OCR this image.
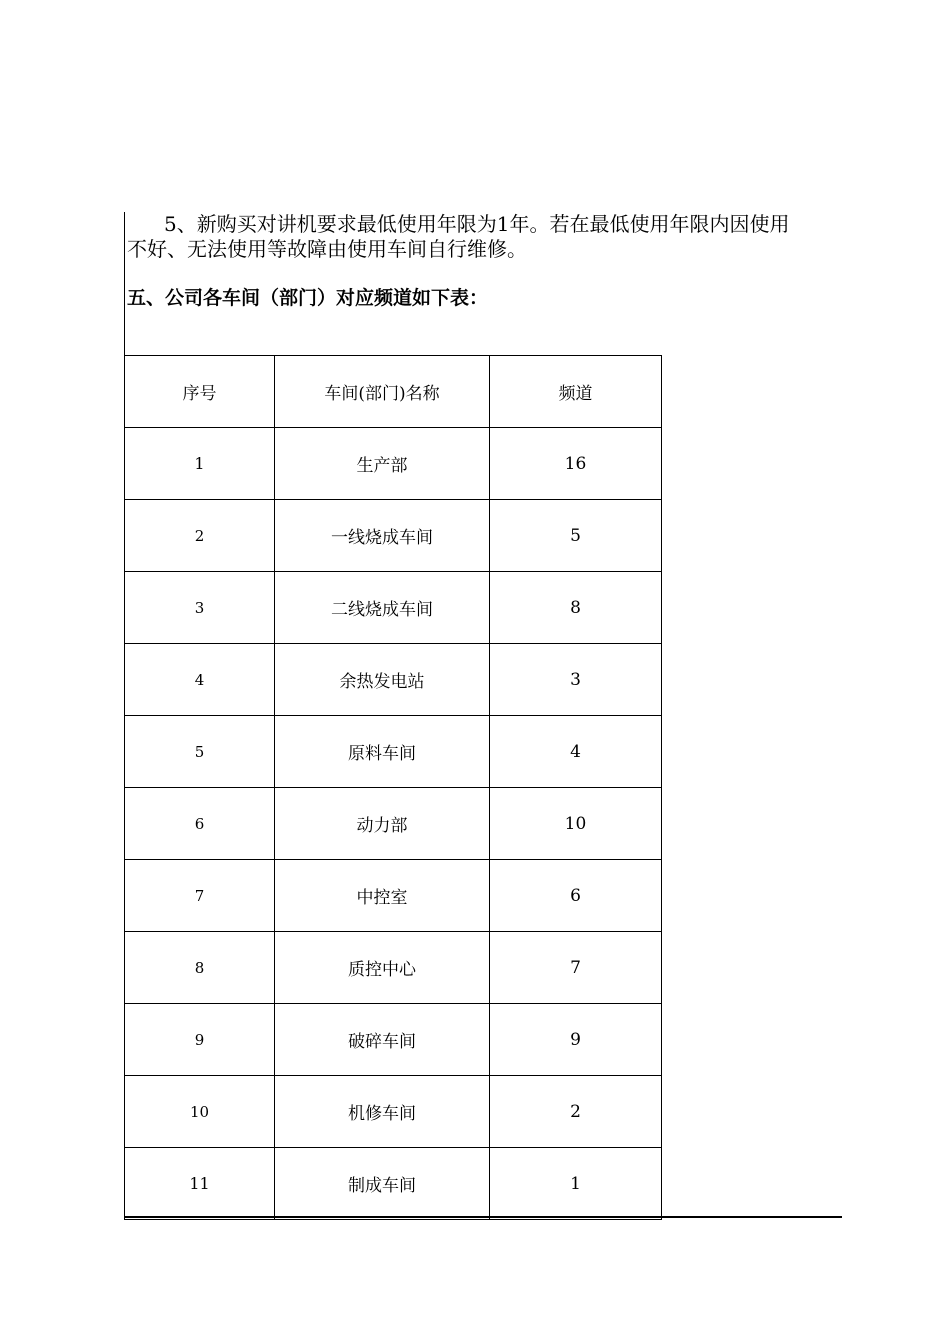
5、新购买对讲机要求最低使用年限为1年。若在最低使用年限内因使用
不好、无法使用等故障由使用车间自行维修。
五、公司各车间（部门）对应频道如下表：
序号	车间(部门)名称	频道
1	生产部	16
2	一线烧成车间	5
3	二线烧成车间	8
4	余热发电站	3
5	原料车间	4
6	动力部	10
7	中控室	6
8	质控中心	7
9	破碎车间	9
10	机修车间	2
11	制成车间	1
